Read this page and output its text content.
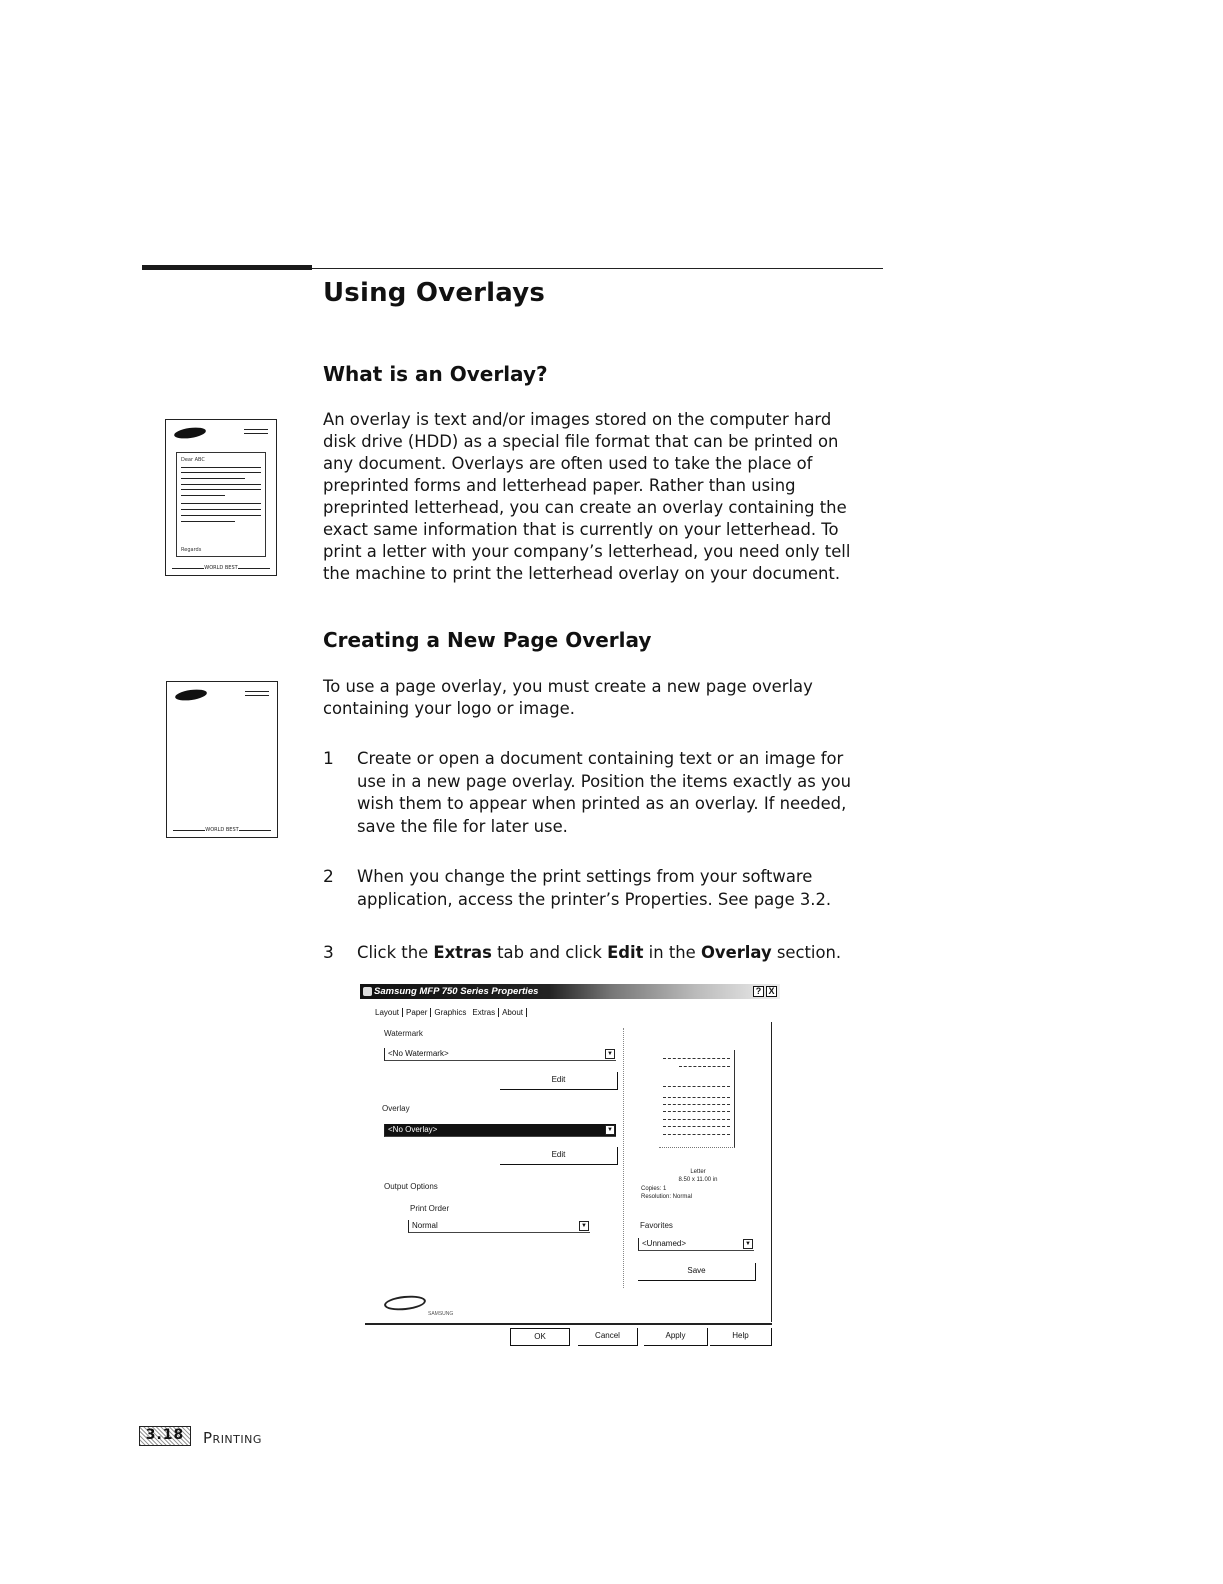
Using Overlays
What is an Overlay?
An overlay is text and/or images stored on the computer hard
disk drive (HDD) as a special file format that can be printed on
any document. Overlays are often used to take the place of
preprinted forms and letterhead paper. Rather than using
preprinted letterhead, you can create an overlay containing the
exact same information that is currently on your letterhead. To
print a letter with your company’s letterhead, you need only tell
the machine to print the letterhead overlay on your document.
Dear ABC
Regards
WORLD BEST
Creating a New Page Overlay
To use a page overlay, you must create a new page overlay
containing your logo or image.
WORLD BEST
1 Create or open a document containing text or an image for
use in a new page overlay. Position the items exactly as you
wish them to appear when printed as an overlay. If needed,
save the file for later use.
2 When you change the print settings from your software
application, access the printer’s Properties. See page 3.2.
3 Click the Extras tab and click Edit in the Overlay section.
Samsung MFP 750 Series Properties	? X
Layout Paper Graphics Extras About
Watermark
<No Watermark>	▼
Edit
Overlay
<No Overlay>	▼
Edit
Output Options
Print Order
Normal	▼
Letter
8.50 x 11.00 in
Copies: 1
Resolution: Normal
Favorites
<Unnamed>	▼
Save
SAMSUNG
OK	Cancel	Apply	Help
3.18	Printing
